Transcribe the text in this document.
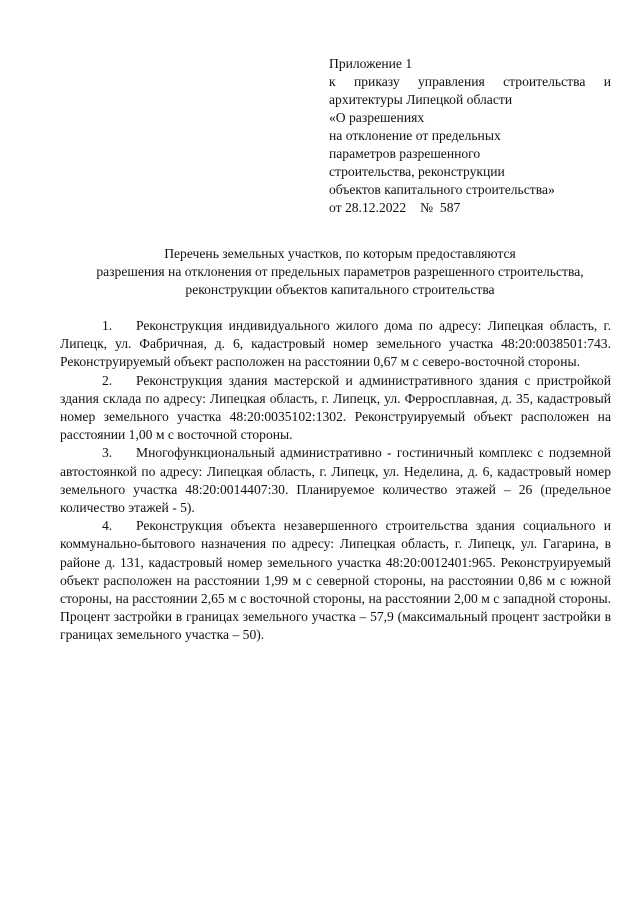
Приложение 1
к приказу управления строительства и
архитектуры Липецкой области
«О разрешениях
на отклонение от предельных
параметров разрешенного
строительства, реконструкции
объектов капитального строительства»
от 28.12.2022 № 587
Перечень земельных участков, по которым предоставляются
разрешения на отклонения от предельных параметров разрешенного строительства,
реконструкции объектов капитального строительства

1. Реконструкция индивидуального жилого дома по адресу: Липецкая область, г. Липецк, ул. Фабричная, д. 6, кадастровый номер земельного участка 48:20:0038501:743. Реконструируемый объект расположен на расстоянии 0,67 м с северо-восточной стороны.

2. Реконструкция здания мастерской и административного здания с пристройкой здания склада по адресу: Липецкая область, г. Липецк, ул. Ферросплавная, д. 35, кадастровый номер земельного участка 48:20:0035102:1302. Реконструируемый объект расположен на расстоянии 1,00 м с восточной стороны.

3. Многофункциональный административно - гостиничный комплекс с подземной автостоянкой по адресу: Липецкая область, г. Липецк, ул. Неделина, д. 6, кадастровый номер земельного участка 48:20:0014407:30. Планируемое количество этажей – 26 (предельное количество этажей - 5).

4. Реконструкция объекта незавершенного строительства здания социального и коммунально-бытового назначения по адресу: Липецкая область, г. Липецк, ул. Гагарина, в районе д. 131, кадастровый номер земельного участка 48:20:0012401:965. Реконструируемый объект расположен на расстоянии 1,99 м с северной стороны, на расстоянии 0,86 м с южной стороны, на расстоянии 2,65 м с восточной стороны, на расстоянии 2,00 м с западной стороны. Процент застройки в границах земельного участка – 57,9 (максимальный процент застройки в границах земельного участка – 50).
